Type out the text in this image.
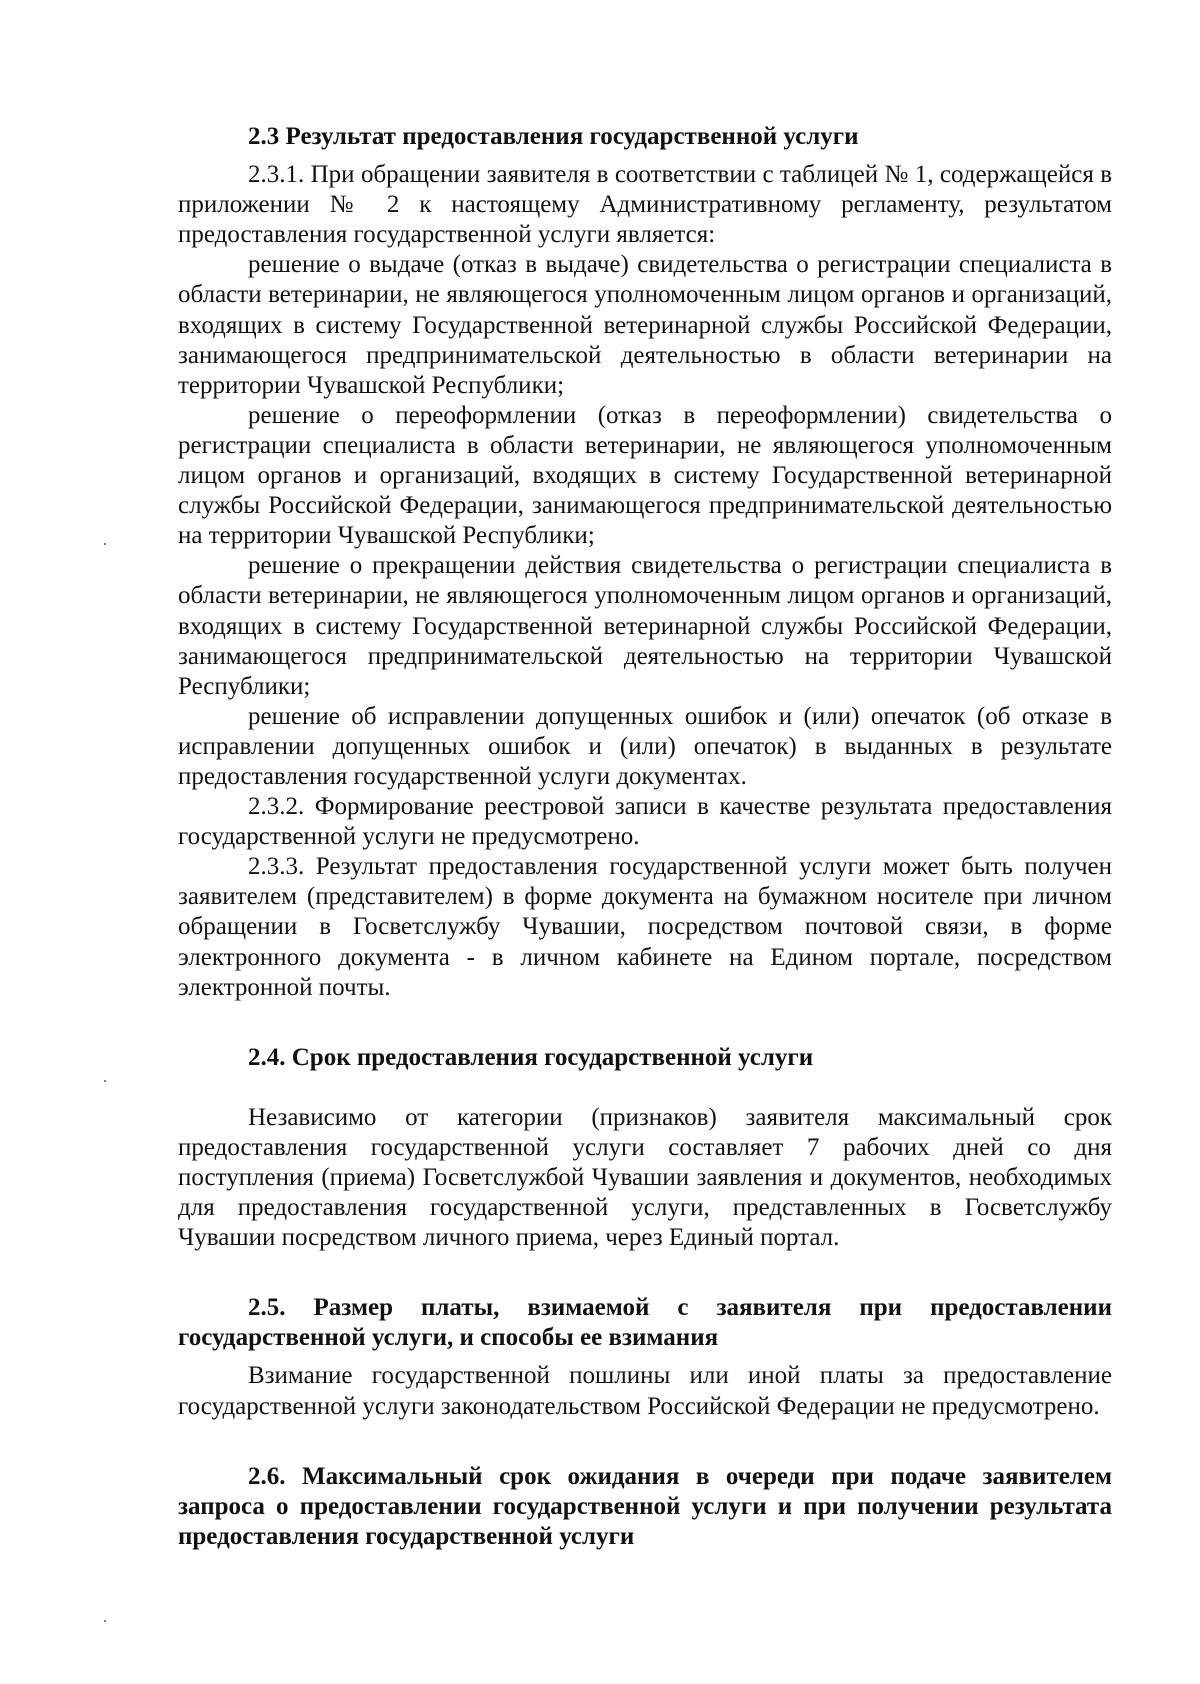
2.3 Результат предоставления государственной услуги

2.3.1. При обращении заявителя в соответствии с таблицей № 1, содержащейся в приложении № 2 к настоящему Административному регламенту, результатом предоставления государственной услуги является:

решение о выдаче (отказ в выдаче) свидетельства о регистрации специалиста в области ветеринарии, не являющегося уполномоченным лицом органов и организаций, входящих в систему Государственной ветеринарной службы Российской Федерации, занимающегося предпринимательской деятельностью в области ветеринарии на территории Чувашской Республики;

решение о переоформлении (отказ в переоформлении) свидетельства о регистрации специалиста в области ветеринарии, не являющегося уполномоченным лицом органов и организаций, входящих в систему Государственной ветеринарной службы Российской Федерации, занимающегося предпринимательской деятельностью на территории Чувашской Республики;

решение о прекращении действия свидетельства о регистрации специалиста в области ветеринарии, не являющегося уполномоченным лицом органов и организаций, входящих в систему Государственной ветеринарной службы Российской Федерации, занимающегося предпринимательской деятельностью на территории Чувашской Республики;

решение об исправлении допущенных ошибок и (или) опечаток (об отказе в исправлении допущенных ошибок и (или) опечаток) в выданных в результате предоставления государственной услуги документах.

2.3.2. Формирование реестровой записи в качестве результата предоставления государственной услуги не предусмотрено.

2.3.3. Результат предоставления государственной услуги может быть получен заявителем (представителем) в форме документа на бумажном носителе при личном обращении в Госветслужбу Чувашии, посредством почтовой связи, в форме электронного документа - в личном кабинете на Едином портале, посредством электронной почты.

2.4. Срок предоставления государственной услуги

Независимо от категории (признаков) заявителя максимальный срок предоставления государственной услуги составляет 7 рабочих дней со дня поступления (приема) Госветслужбой Чувашии заявления и документов, необходимых для предоставления государственной услуги, представленных в Госветслужбу Чувашии посредством личного приема, через Единый портал.

2.5. Размер платы, взимаемой с заявителя при предоставлении государственной услуги, и способы ее взимания

Взимание государственной пошлины или иной платы за предоставление государственной услуги законодательством Российской Федерации не предусмотрено.

2.6. Максимальный срок ожидания в очереди при подаче заявителем запроса о предоставлении государственной услуги и при получении результата предоставления государственной услуги
